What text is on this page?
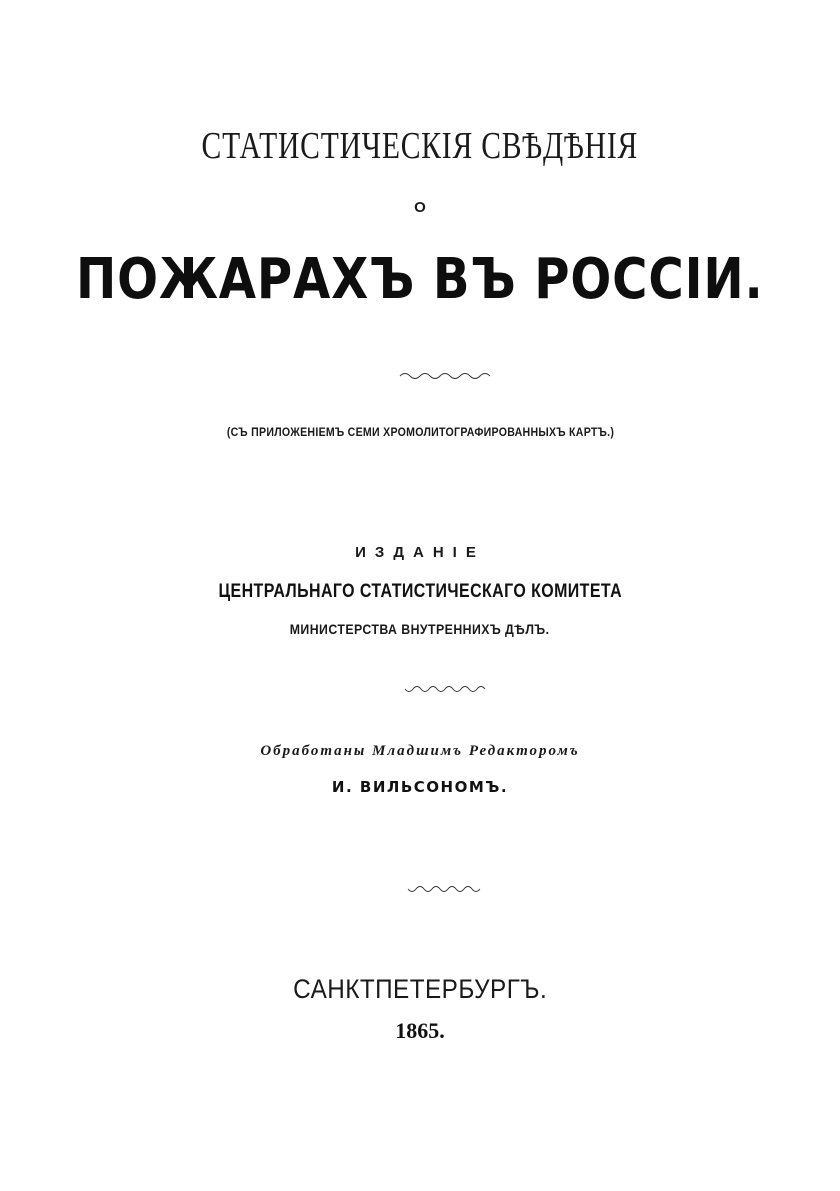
СТАТИСТИЧЕСКІЯ СВѢДѢНІЯ
О
ПОЖАРАХЪ ВЪ РОССІИ.
(СЪ ПРИЛОЖЕНІЕМЪ СЕМИ ХРОМОЛИТОГРАФИРОВАННЫХЪ КАРТЪ.)
ИЗДАНІЕ
ЦЕНТРАЛЬНАГО СТАТИСТИЧЕСКАГО КОМИТЕТА
МИНИСТЕРСТВА ВНУТРЕННИХЪ ДѢЛЪ.
Обработаны Младшимъ Редакторомъ
И. ВИЛЬСОНОМЪ.
САНКТПЕТЕРБУРГЪ.
1865.
